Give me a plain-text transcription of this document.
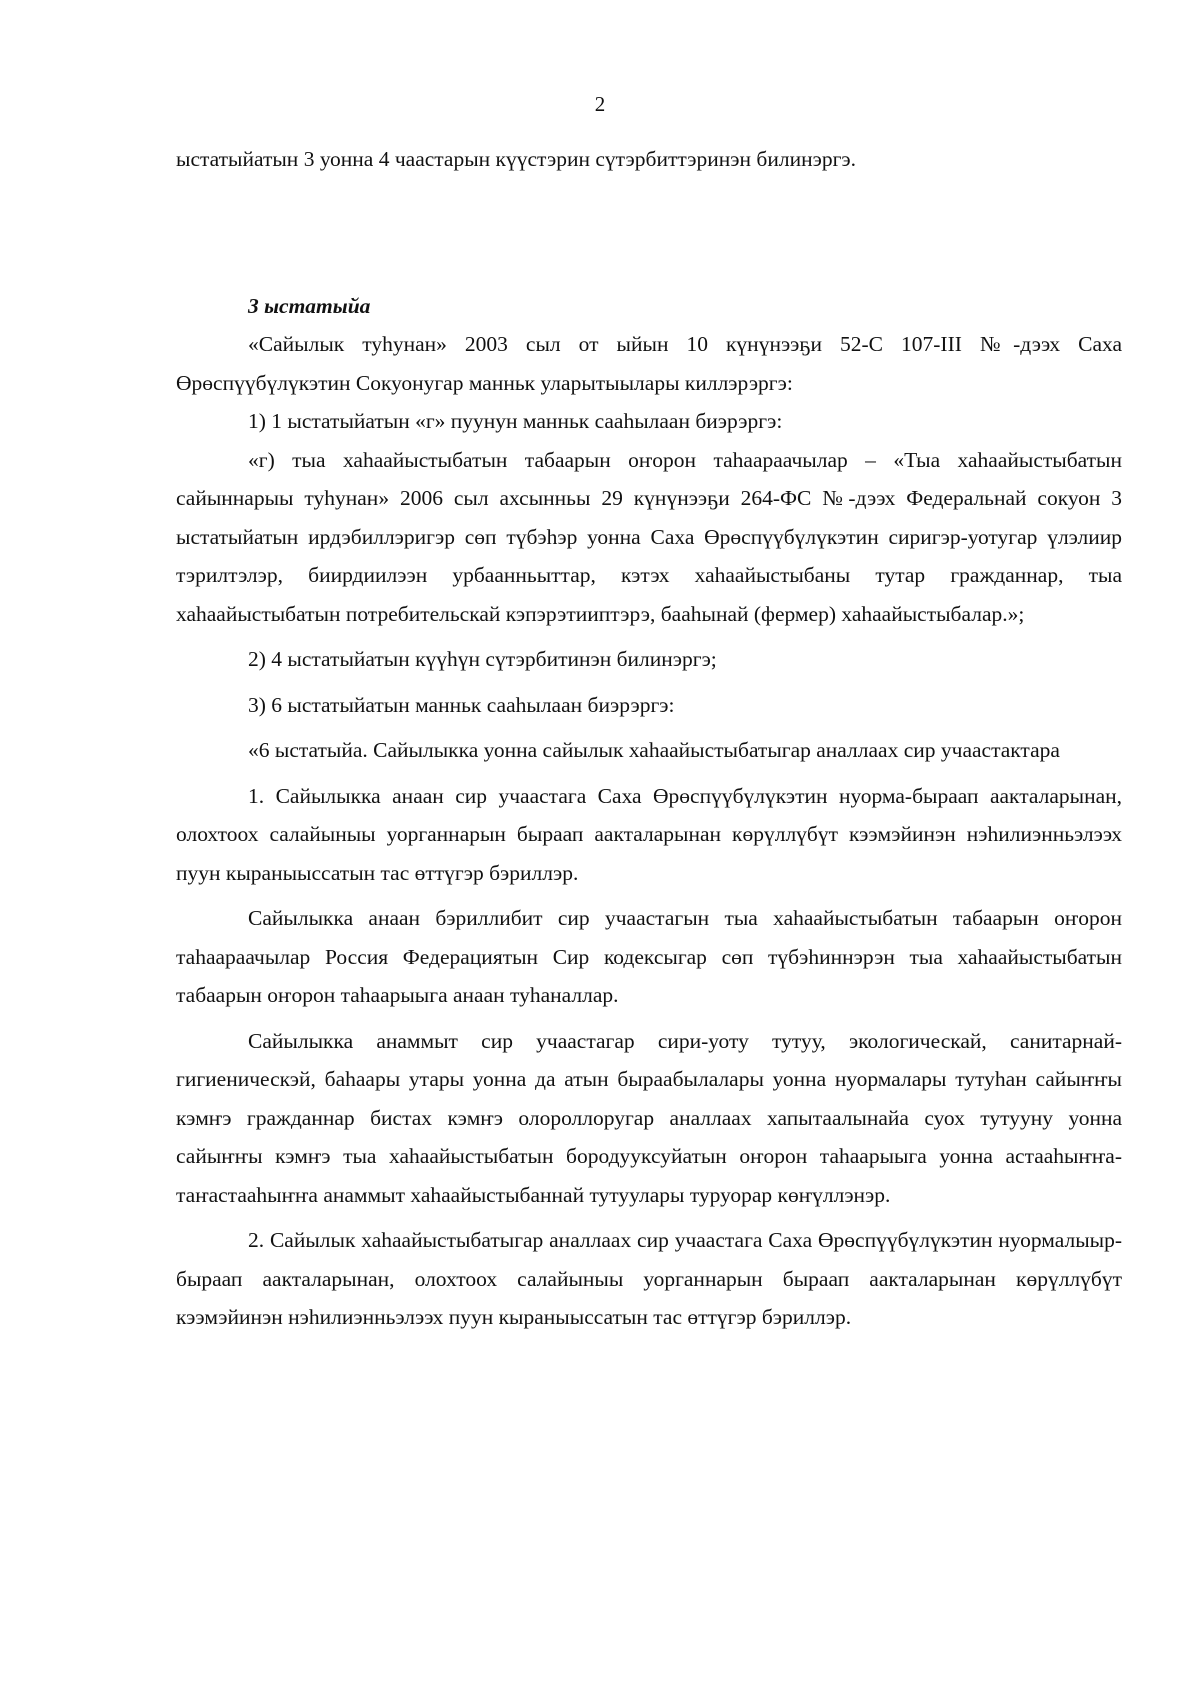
2

ыстатыйатын 3 уонна 4 чаастарын күүстэрин сүтэрбиттэринэн билинэргэ.

3 ыстатыйа

«Сайылык туһунан» 2003 сыл от ыйын 10 күнүнээҕи 52-С 107-III №-дээх Саха Өрөспүүбүлүкэтин Сокуонугар манньк уларытыылары киллэрэргэ:

1) 1 ыстатыйатын «г» пуунун манньк сааһылаан биэрэргэ:

«г) тыа хаһаайыстыбатын табаарын оҥорон таһаараачылар – «Тыа хаһаайыстыбатын сайыннарыы туһунан» 2006 сыл ахсынньы 29 күнүнээҕи 264-ФС №-дээх Федеральнай сокуон 3 ыстатыйатын ирдэбиллэригэр сөп түбэһэр уонна Саха Өрөспүүбүлүкэтин сиригэр-уотугар үлэлиир тэрилтэлэр, биирдиилээн урбаанньыттар, кэтэх хаһаайыстыбаны тутар гражданнар, тыа хаһаайыстыбатын потребительскай кэпэрэтииптэрэ, бааһынай (фермер) хаһаайыстыбалар.»;

2) 4 ыстатыйатын күүһүн сүтэрбитинэн билинэргэ;

3) 6 ыстатыйатын манньк сааһылаан биэрэргэ:

«6 ыстатыйа. Сайылыкка уонна сайылык хаһаайыстыбатыгар аналлаах сир учаастактара

1. Сайылыкка анаан сир учаастага Саха Өрөспүүбүлүкэтин нуорма-быраап аакталарынан, олохтоох салайыныы уорганнарын быраап аакталарынан көрүллүбүт кээмэйинэн нэһилиэнньэлээх пуун кыраныыссатын тас өттүгэр бэриллэр.

Сайылыкка анаан бэриллибит сир учаастагын тыа хаһаайыстыбатын табаарын оҥорон таһаараачылар Россия Федерациятын Сир кодексыгар сөп түбэһиннэрэн тыа хаһаайыстыбатын табаарын оҥорон таһаарыыга анаан туһаналлар.

Сайылыкка анаммыт сир учаастагар сири-уоту тутуу, экологическай, санитарнай-гигиеническэй, баһаары утары уонна да атын быраабылалары уонна нуормалары тутуһан сайыҥҥы кэмҥэ гражданнар бистах кэмҥэ олороллоругар аналлаах хапытаалынайа суох тутууну уонна сайыҥҥы кэмҥэ тыа хаһаайыстыбатын бородууксуйатын оҥорон таһаарыыга уонна астааһыҥҥа-таҥастааһыҥҥа анаммыт хаһаайыстыбаннай тутуулары туруорар көҥүллэнэр.

2. Сайылык хаһаайыстыбатыгар аналлаах сир учаастага Саха Өрөспүүбүлүкэтин нуормалыыр-быраап аакталарынан, олохтоох салайыныы уорганнарын быраап аакталарынан көрүллүбүт кээмэйинэн нэһилиэнньэлээх пуун кыраныыссатын тас өттүгэр бэриллэр.
